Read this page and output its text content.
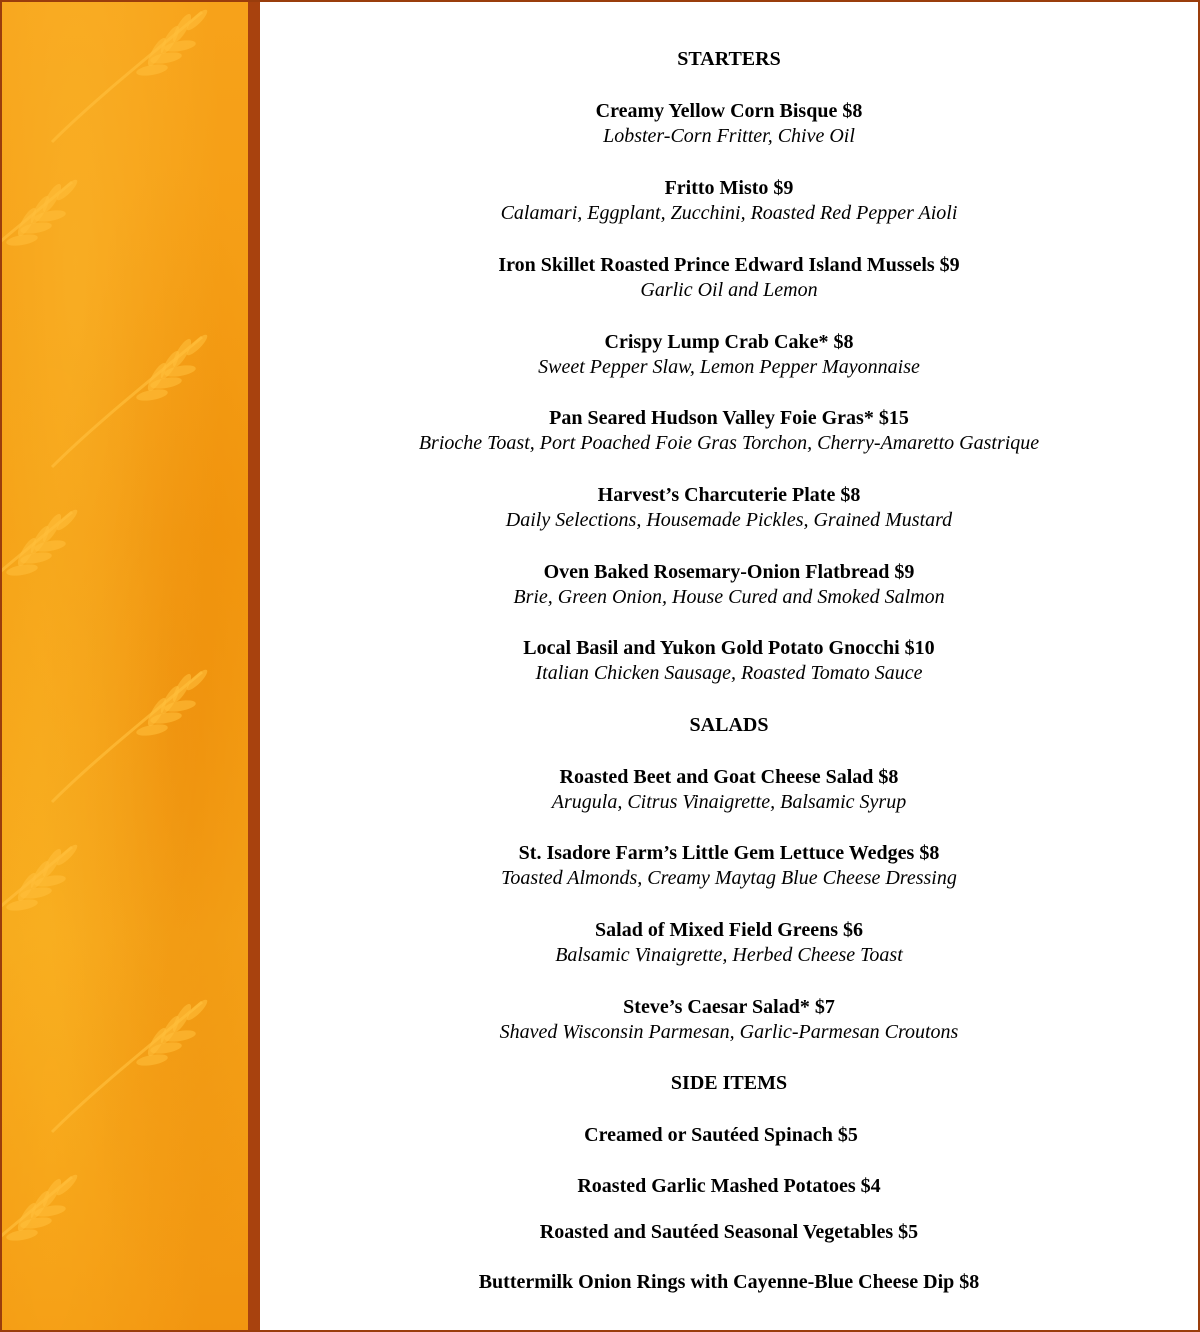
STARTERS
Creamy Yellow Corn Bisque $8
Lobster-Corn Fritter, Chive Oil
Fritto Misto $9
Calamari, Eggplant, Zucchini, Roasted Red Pepper Aioli
Iron Skillet Roasted Prince Edward Island Mussels $9
Garlic Oil and Lemon
Crispy Lump Crab Cake* $8
Sweet Pepper Slaw, Lemon Pepper Mayonnaise
Pan Seared Hudson Valley Foie Gras* $15
Brioche Toast, Port Poached Foie Gras Torchon, Cherry-Amaretto Gastrique
Harvest’s Charcuterie Plate $8
Daily Selections, Housemade Pickles, Grained Mustard
Oven Baked Rosemary-Onion Flatbread $9
Brie, Green Onion, House Cured and Smoked Salmon
Local Basil and Yukon Gold Potato Gnocchi $10
Italian Chicken Sausage, Roasted Tomato Sauce
SALADS
Roasted Beet and Goat Cheese Salad $8
Arugula, Citrus Vinaigrette, Balsamic Syrup
St. Isadore Farm’s Little Gem Lettuce Wedges $8
Toasted Almonds, Creamy Maytag Blue Cheese Dressing
Salad of Mixed Field Greens $6
Balsamic Vinaigrette, Herbed Cheese Toast
Steve’s Caesar Salad* $7
Shaved Wisconsin Parmesan, Garlic-Parmesan Croutons
SIDE ITEMS
Creamed or Sautéed Spinach $5
Roasted Garlic Mashed Potatoes $4
Roasted and Sautéed Seasonal Vegetables $5
Buttermilk Onion Rings with Cayenne-Blue Cheese Dip $8
